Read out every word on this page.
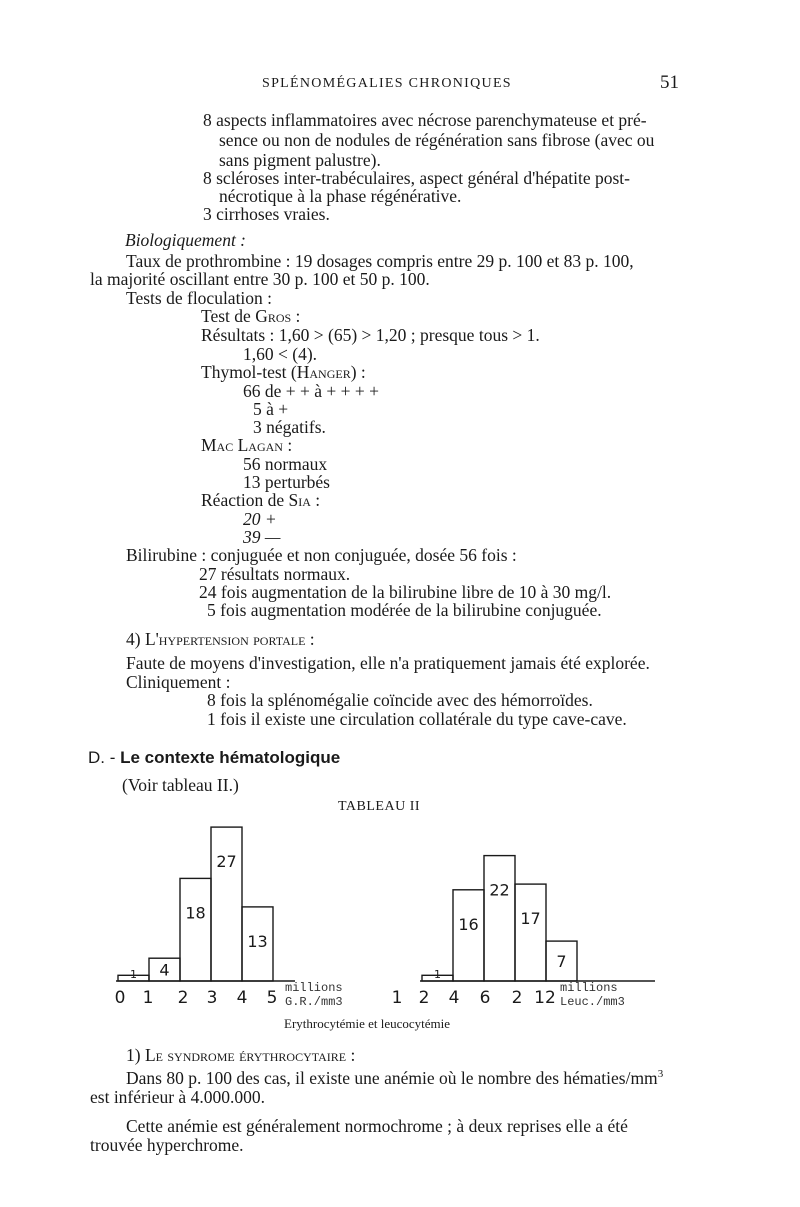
SPLÉNOMÉGALIES CHRONIQUES	51
8 aspects inflammatoires avec nécrose parenchymateuse et pré-
sence ou non de nodules de régénération sans fibrose (avec ou
sans pigment palustre).
8 scléroses inter-trabéculaires, aspect général d'hépatite post-
nécrotique à la phase régénérative.
3 cirrhoses vraies.
Biologiquement :
Taux de prothrombine : 19 dosages compris entre 29 p. 100 et 83 p. 100,
la majorité oscillant entre 30 p. 100 et 50 p. 100.
Tests de floculation :
Test de Gros :
Résultats : 1,60 > (65) > 1,20 ; presque tous > 1.
1,60 < (4).
Thymol-test (Hanger) :
66 de + + à + + + +
5 à +
3 négatifs.
Mac Lagan :
56 normaux
13 perturbés
Réaction de Sia :
20 +
39 —
Bilirubine : conjuguée et non conjuguée, dosée 56 fois :
27 résultats normaux.
24 fois augmentation de la bilirubine libre de 10 à 30 mg/l.
5 fois augmentation modérée de la bilirubine conjuguée.
4) L'hypertension portale :
Faute de moyens d'investigation, elle n'a pratiquement jamais été explorée.
Cliniquement :
8 fois la splénomégalie coïncide avec des hémorroïdes.
1 fois il existe une circulation collatérale du type cave-cave.
D. - Le contexte hématologique
(Voir tableau II.)
TABLEAU II
1 4
18
27
13
0 1 2 3 4 5 millions
G.R./mm3
1
16
22
17
7
1 2 4 6 2 12 millions
Leuc./mm3
Erythrocytémie et leucocytémie
1) Le syndrome érythrocytaire :
Dans 80 p. 100 des cas, il existe une anémie où le nombre des hématies/$mm^3$
est inférieur à 4.000.000.
Cette anémie est généralement normochrome ; à deux reprises elle a été
trouvée hyperchrome.
